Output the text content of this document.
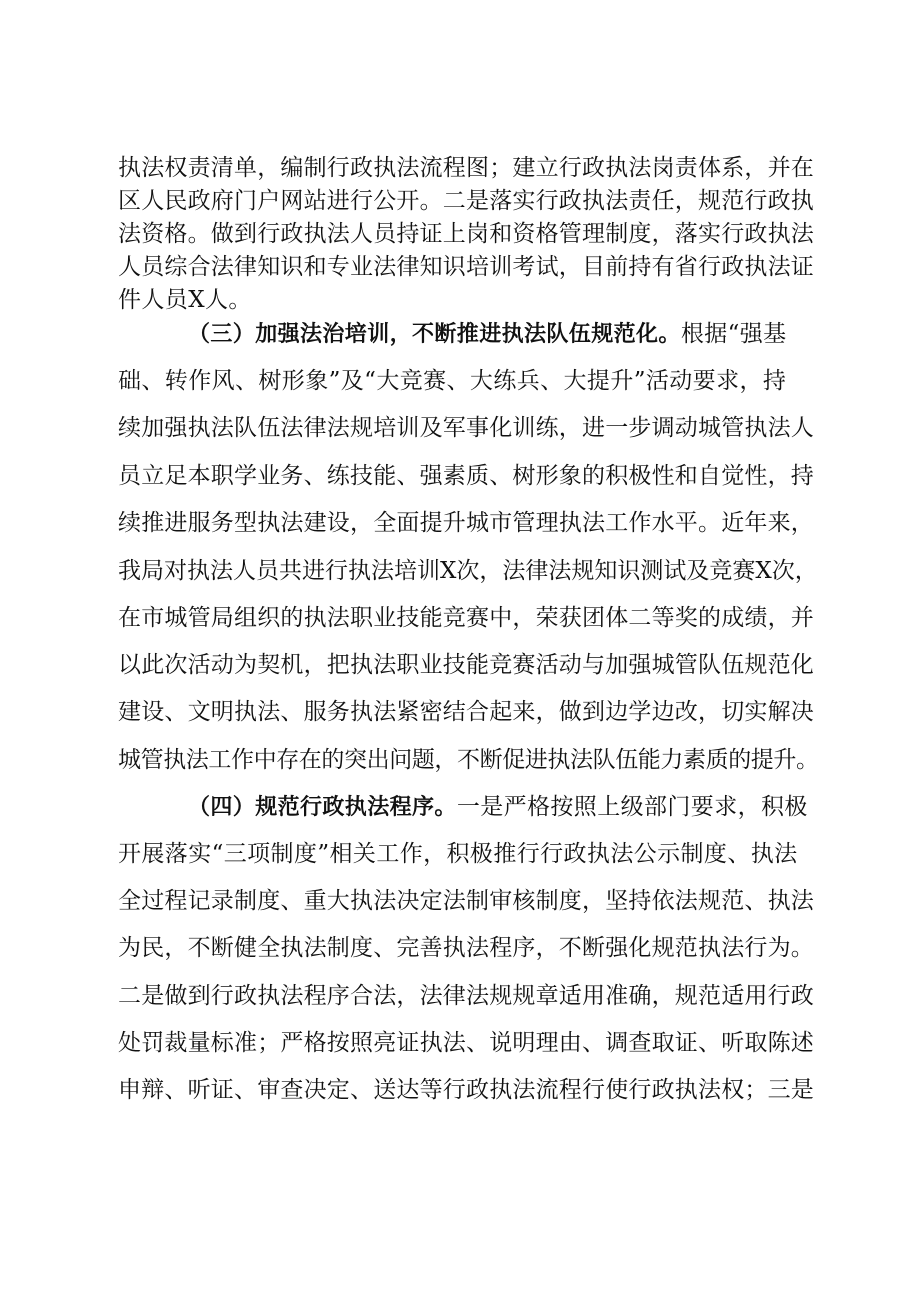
执法权责清单，编制行政执法流程图；建立行政执法岗责体系，并在
区人民政府门户网站进行公开。二是落实行政执法责任，规范行政执
法资格。做到行政执法人员持证上岗和资格管理制度，落实行政执法
人员综合法律知识和专业法律知识培训考试，目前持有省行政执法证
件人员X人。
（三）加强法治培训，不断推进执法队伍规范化。根据“强基
础、转作风、树形象”及“大竞赛、大练兵、大提升”活动要求，持
续加强执法队伍法律法规培训及军事化训练，进一步调动城管执法人
员立足本职学业务、练技能、强素质、树形象的积极性和自觉性，持
续推进服务型执法建设，全面提升城市管理执法工作水平。近年来，
我局对执法人员共进行执法培训X次，法律法规知识测试及竞赛X次，
在市城管局组织的执法职业技能竞赛中，荣获团体二等奖的成绩，并
以此次活动为契机，把执法职业技能竞赛活动与加强城管队伍规范化
建设、文明执法、服务执法紧密结合起来，做到边学边改，切实解决
城管执法工作中存在的突出问题，不断促进执法队伍能力素质的提升。
（四）规范行政执法程序。一是严格按照上级部门要求，积极
开展落实“三项制度”相关工作，积极推行行政执法公示制度、执法
全过程记录制度、重大执法决定法制审核制度，坚持依法规范、执法
为民，不断健全执法制度、完善执法程序，不断强化规范执法行为。
二是做到行政执法程序合法，法律法规规章适用准确，规范适用行政
处罚裁量标准；严格按照亮证执法、说明理由、调查取证、听取陈述
申辩、听证、审查决定、送达等行政执法流程行使行政执法权；三是
